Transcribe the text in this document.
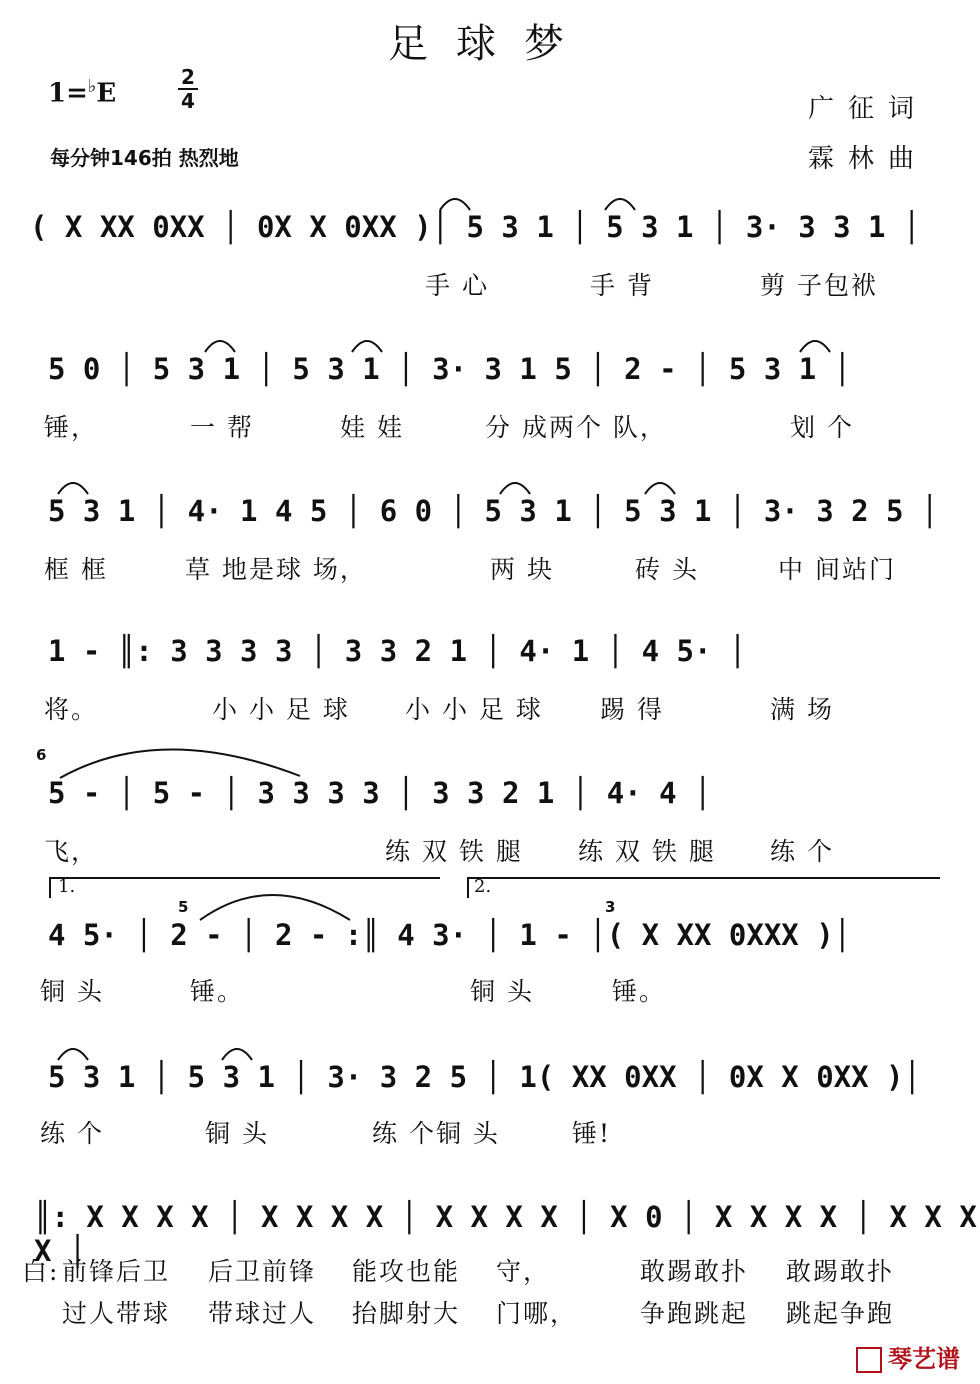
足球梦
1=♭E
2
4	广征词
霖林曲
每分钟146拍 热烈地
( X XX 0XX │ 0X X 0XX )│ 5 3 1 │ 5 3 1 │ 3· 3 3 1 │
手 心	手 背	剪 子包袱
5 0 │ 5 3 1 │ 5 3 1 │ 3· 3 1 5 │ 2 - │ 5 3 1 │
锤，	一 帮	娃 娃	分 成两个 队，	划 个
5 3 1 │ 4· 1 4 5 │ 6 0 │ 5 3 1 │ 5 3 1 │ 3· 3 2 5 │
框 框	草 地是球 场，	两 块	砖 头	中 间站门
1 - ║: 3 3 3 3 │ 3 3 2 1 │ 4· 1 │ 4 5· │
将。	小 小 足 球 小 小 足 球 踢 得	满 场
6
5 - │ 5 - │ 3 3 3 3 │ 3 3 2 1 │ 4· 4 │
飞，	练 双 铁 腿 练 双 铁 腿 练 个
1.	2.
5	3
4 5· │ 2 - │ 2 - :║ 4 3· │ 1 - │( X XX 0XXX )│
铜 头	锤。	铜 头	锤。
5 3 1 │ 5 3 1 │ 3· 3 2 5 │ 1( XX 0XX │ 0X X 0XX )│
练 个	铜 头	练 个铜 头	锤!
║: X X X X │ X X X X │ X X X X │ X 0 │ X X X X │ X X X X │
白: 前锋后卫 后卫前锋 能攻也能 守，	敢踢敢扑 敢踢敢扑
过人带球 带球过人 抬脚射大 门哪，	争跑跳起 跳起争跑
琴艺谱
